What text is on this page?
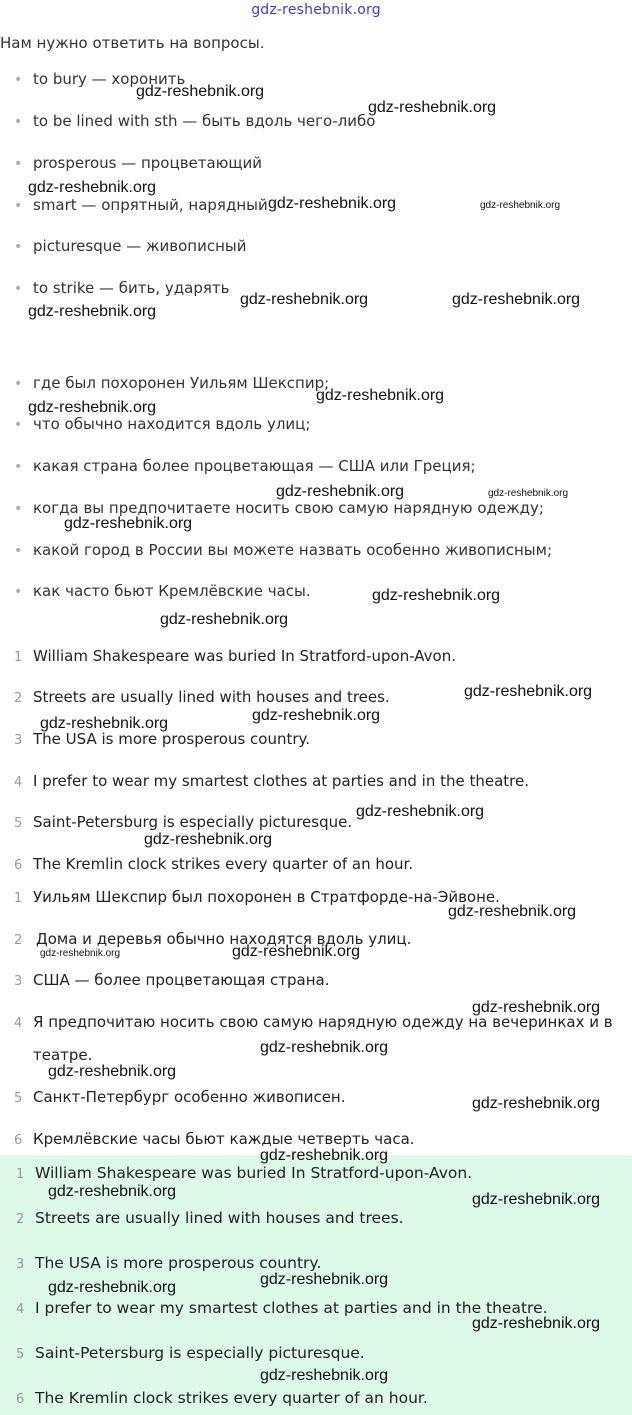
gdz-reshebnik.org
Нам нужно ответить на вопросы.
• to bury — хоронить
• to be lined with sth — быть вдоль чего-либо
• prosperous — процветающий
• smart — опрятный, нарядный
• picturesque — живописный
• to strike — бить, ударять
• где был похоронен Уильям Шекспир;
• что обычно находится вдоль улиц;
• какая страна более процветающая — США или Греция;
• когда вы предпочитаете носить свою самую нарядную одежду;
• какой город в России вы можете назвать особенно живописным;
• как часто бьют Кремлёвские часы.
1 William Shakespeare was buried In Stratford-upon-Avon.
2 Streets are usually lined with houses and trees.
3 The USA is more prosperous country.
4 I prefer to wear my smartest clothes at parties and in the theatre.
5 Saint-Petersburg is especially picturesque.
6 The Kremlin clock strikes every quarter of an hour.
1 Уильям Шекспир был похоронен в Стратфорде-на-Эйвоне.
2 Дома и деревья обычно находятся вдоль улиц.
3 США — более процветающая страна.
4 Я предпочитаю носить свою самую нарядную одежду на вечеринках и в
театре.
5 Санкт-Петербург особенно живописен.
6 Кремлёвские часы бьют каждые четверть часа.
1 William Shakespeare was buried In Stratford-upon-Avon.
2 Streets are usually lined with houses and trees.
3 The USA is more prosperous country.
4 I prefer to wear my smartest clothes at parties and in the theatre.
5 Saint-Petersburg is especially picturesque.
6 The Kremlin clock strikes every quarter of an hour.
gdz-reshebnik.org
gdz-reshebnik.org
gdz-reshebnik.org
gdz-reshebnik.org	gdz-reshebnik.org
gdz-reshebnik.org	gdz-reshebnik.org
gdz-reshebnik.org
gdz-reshebnik.org
gdz-reshebnik.org
gdz-reshebnik.org	gdz-reshebnik.org
gdz-reshebnik.org
gdz-reshebnik.org
gdz-reshebnik.org
gdz-reshebnik.org
gdz-reshebnik.org
gdz-reshebnik.org
gdz-reshebnik.org
gdz-reshebnik.org
gdz-reshebnik.org
gdz-reshebnik.org	gdz-reshebnik.org
gdz-reshebnik.org
gdz-reshebnik.org
gdz-reshebnik.org
gdz-reshebnik.org
gdz-reshebnik.org
gdz-reshebnik.org	gdz-reshebnik.org
gdz-reshebnik.org
gdz-reshebnik.org
gdz-reshebnik.org
gdz-reshebnik.org
